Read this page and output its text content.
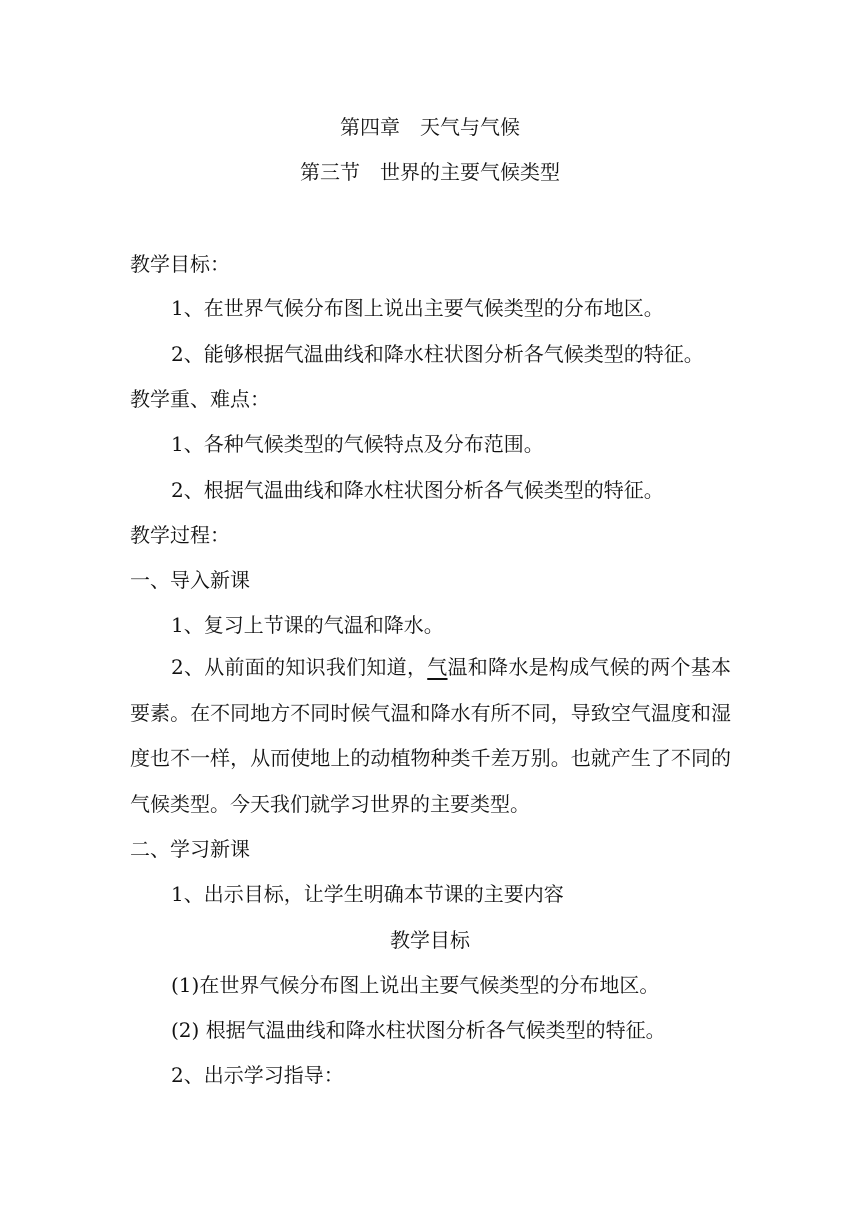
第四章　天气与气候
第三节　世界的主要气候类型
教学目标：
1、在世界气候分布图上说出主要气候类型的分布地区。
2、能够根据气温曲线和降水柱状图分析各气候类型的特征。
教学重、难点：
1、各种气候类型的气候特点及分布范围。
2、根据气温曲线和降水柱状图分析各气候类型的特征。
教学过程：
一、导入新课
1、复习上节课的气温和降水。
2、从前面的知识我们知道，气温和降水是构成气候的两个基本要素。在不同地方不同时候气温和降水有所不同，导致空气温度和湿度也不一样，从而使地上的动植物种类千差万别。也就产生了不同的气候类型。今天我们就学习世界的主要类型。
二、学习新课
1、出示目标，让学生明确本节课的主要内容
教学目标
(1)在世界气候分布图上说出主要气候类型的分布地区。
(2) 根据气温曲线和降水柱状图分析各气候类型的特征。
2、出示学习指导：
